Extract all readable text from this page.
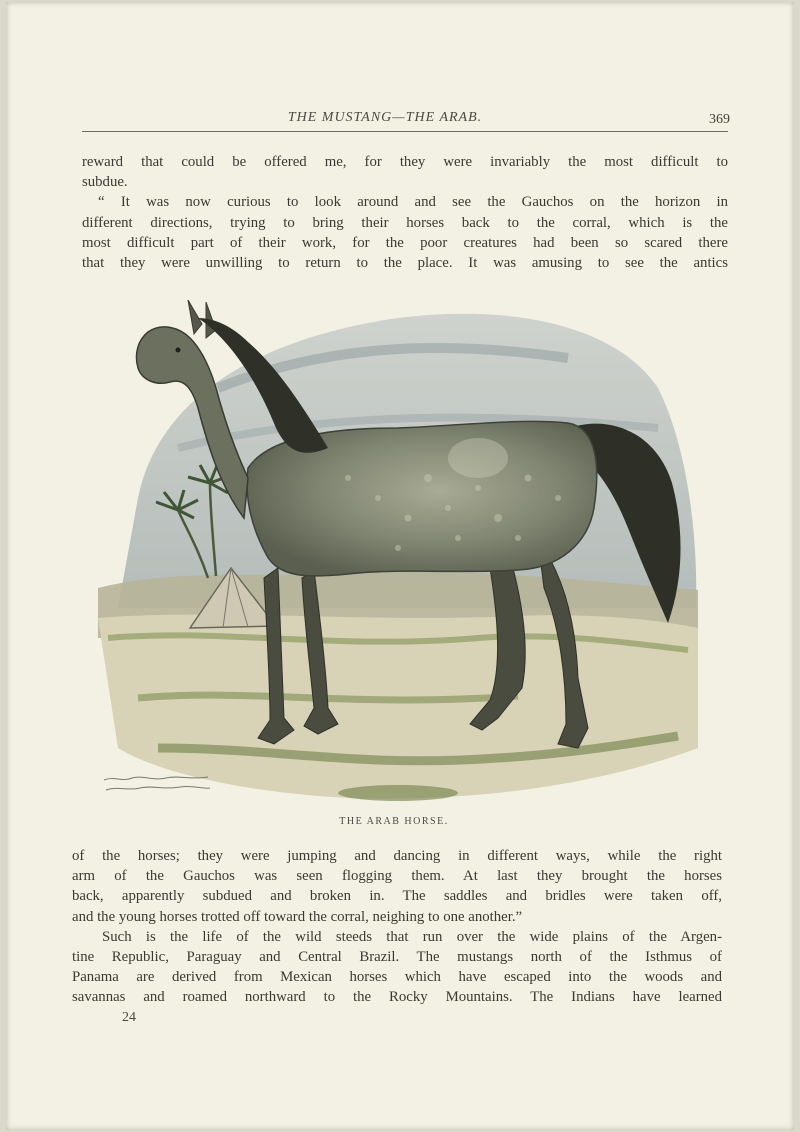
THE MUSTANG—THE ARAB.	369
reward that could be offered me, for they were invariably the most difficult to
subdue.
“ It was now curious to look around and see the Gauchos on the horizon in
different directions, trying to bring their horses back to the corral, which is the
most difficult part of their work, for the poor creatures had been so scared there
that they were unwilling to return to the place. It was amusing to see the antics
THE ARAB HORSE.
of the horses; they were jumping and dancing in different ways, while the right
arm of the Gauchos was seen flogging them. At last they brought the horses
back, apparently subdued and broken in. The saddles and bridles were taken off,
and the young horses trotted off toward the corral, neighing to one another.”
Such is the life of the wild steeds that run over the wide plains of the Argen-
tine Republic, Paraguay and Central Brazil. The mustangs north of the Isthmus of
Panama are derived from Mexican horses which have escaped into the woods and
savannas and roamed northward to the Rocky Mountains. The Indians have learned
24
